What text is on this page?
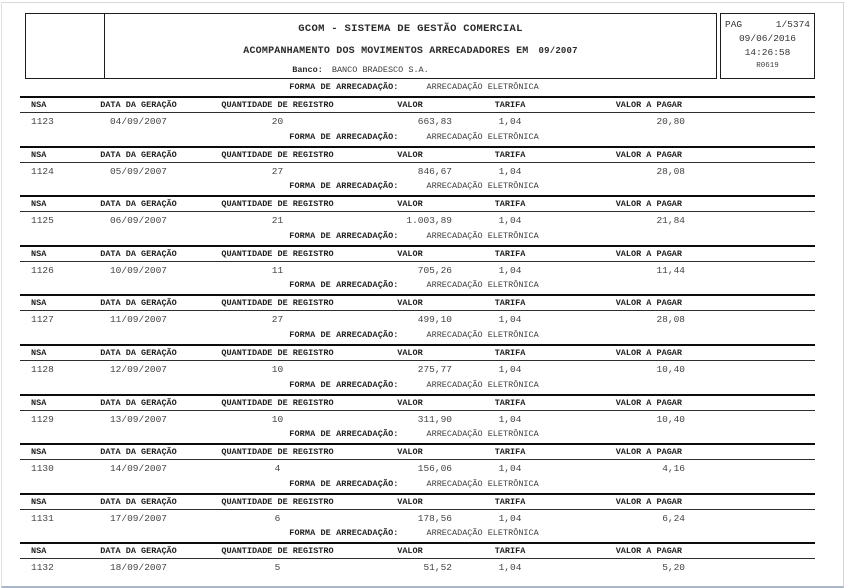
GCOM - SISTEMA DE GESTÃO COMERCIAL
ACOMPANHAMENTO DOS MOVIMENTOS ARRECADADORES EM 09/2007
Banco: BANCO BRADESCO S.A.
PAG	1/5374
09/06/2016
14:26:58
R0619
FORMA DE ARRECADAÇÃO:	ARRECADAÇÃO ELETRÔNICA
NSA	DATA DA GERAÇÃO	QUANTIDADE DE REGISTRO	VALOR	TARIFA	VALOR A PAGAR
1123	04/09/2007	20	663,83	1,04	20,80
FORMA DE ARRECADAÇÃO:	ARRECADAÇÃO ELETRÔNICA
NSA	DATA DA GERAÇÃO	QUANTIDADE DE REGISTRO	VALOR	TARIFA	VALOR A PAGAR
1124	05/09/2007	27	846,67	1,04	28,08
FORMA DE ARRECADAÇÃO:	ARRECADAÇÃO ELETRÔNICA
NSA	DATA DA GERAÇÃO	QUANTIDADE DE REGISTRO	VALOR	TARIFA	VALOR A PAGAR
1125	06/09/2007	21	1.003,89	1,04	21,84
FORMA DE ARRECADAÇÃO:	ARRECADAÇÃO ELETRÔNICA
NSA	DATA DA GERAÇÃO	QUANTIDADE DE REGISTRO	VALOR	TARIFA	VALOR A PAGAR
1126	10/09/2007	11	705,26	1,04	11,44
FORMA DE ARRECADAÇÃO:	ARRECADAÇÃO ELETRÔNICA
NSA	DATA DA GERAÇÃO	QUANTIDADE DE REGISTRO	VALOR	TARIFA	VALOR A PAGAR
1127	11/09/2007	27	499,10	1,04	28,08
FORMA DE ARRECADAÇÃO:	ARRECADAÇÃO ELETRÔNICA
NSA	DATA DA GERAÇÃO	QUANTIDADE DE REGISTRO	VALOR	TARIFA	VALOR A PAGAR
1128	12/09/2007	10	275,77	1,04	10,40
FORMA DE ARRECADAÇÃO:	ARRECADAÇÃO ELETRÔNICA
NSA	DATA DA GERAÇÃO	QUANTIDADE DE REGISTRO	VALOR	TARIFA	VALOR A PAGAR
1129	13/09/2007	10	311,90	1,04	10,40
FORMA DE ARRECADAÇÃO:	ARRECADAÇÃO ELETRÔNICA
NSA	DATA DA GERAÇÃO	QUANTIDADE DE REGISTRO	VALOR	TARIFA	VALOR A PAGAR
1130	14/09/2007	4	156,06	1,04	4,16
FORMA DE ARRECADAÇÃO:	ARRECADAÇÃO ELETRÔNICA
NSA	DATA DA GERAÇÃO	QUANTIDADE DE REGISTRO	VALOR	TARIFA	VALOR A PAGAR
1131	17/09/2007	6	178,56	1,04	6,24
FORMA DE ARRECADAÇÃO:	ARRECADAÇÃO ELETRÔNICA
NSA	DATA DA GERAÇÃO	QUANTIDADE DE REGISTRO	VALOR	TARIFA	VALOR A PAGAR
1132	18/09/2007	5	51,52	1,04	5,20
